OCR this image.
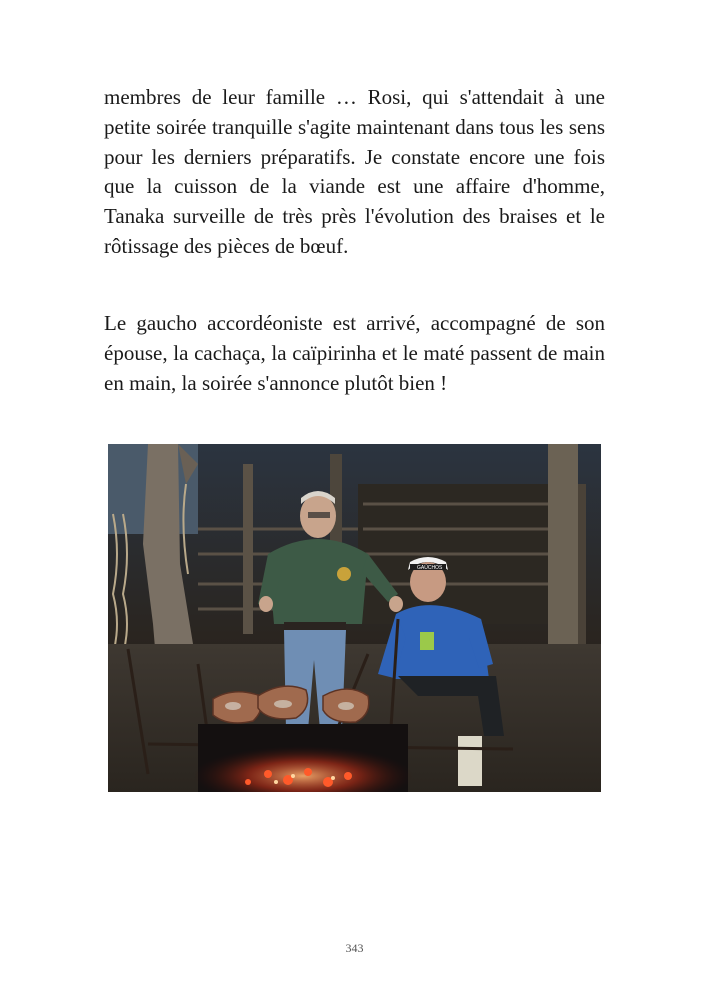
membres de leur famille … Rosi, qui s'attendait à une petite soirée tranquille s'agite maintenant dans tous les sens pour les derniers préparatifs. Je constate encore une fois que la cuisson de la viande est une affaire d'homme, Tanaka surveille de très près l'évolution des braises et le rôtissage des pièces de bœuf.

Le gaucho accordéoniste est arrivé, accompagné de son épouse, la cachaça, la caïpirinha et le maté passent de main en main, la soirée s'annonce plutôt bien !

GAÚCHOS
343
